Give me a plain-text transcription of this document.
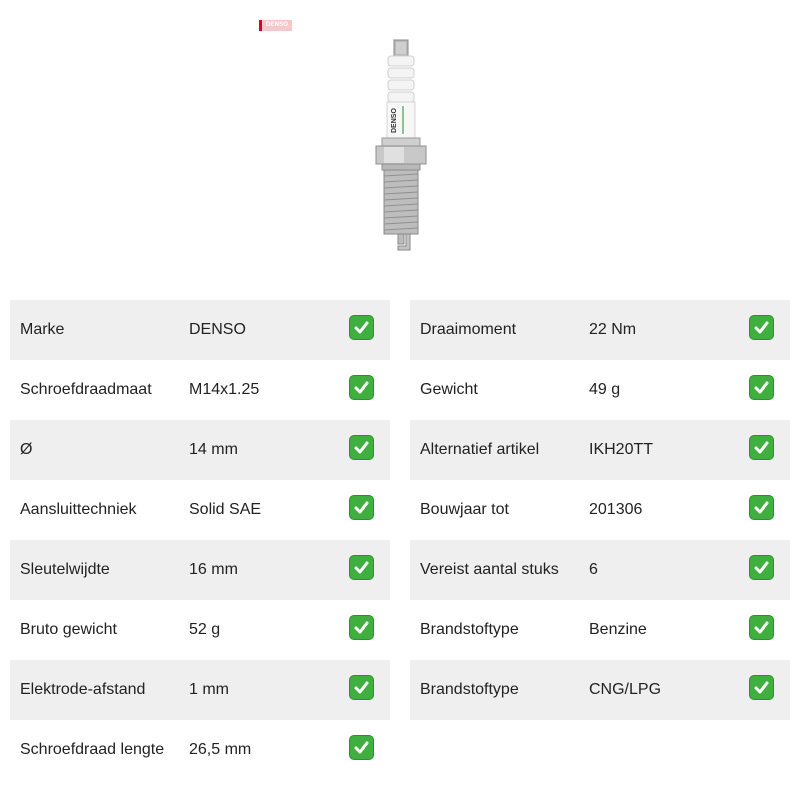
DENSO
DENSO
Marke	DENSO
Schroefdraadmaat M14x1.25
Ø	14 mm
Aansluittechniek	Solid SAE
Sleutelwijdte	16 mm
Bruto gewicht	52 g
Elektrode-afstand	1 mm
Schroefdraad lengte 26,5 mm
Draaimoment	22 Nm
Gewicht	49 g
Alternatief artikel	IKH20TT
Bouwjaar tot	201306
Vereist aantal stuks 6
Brandstoftype	Benzine
Brandstoftype	CNG/LPG
